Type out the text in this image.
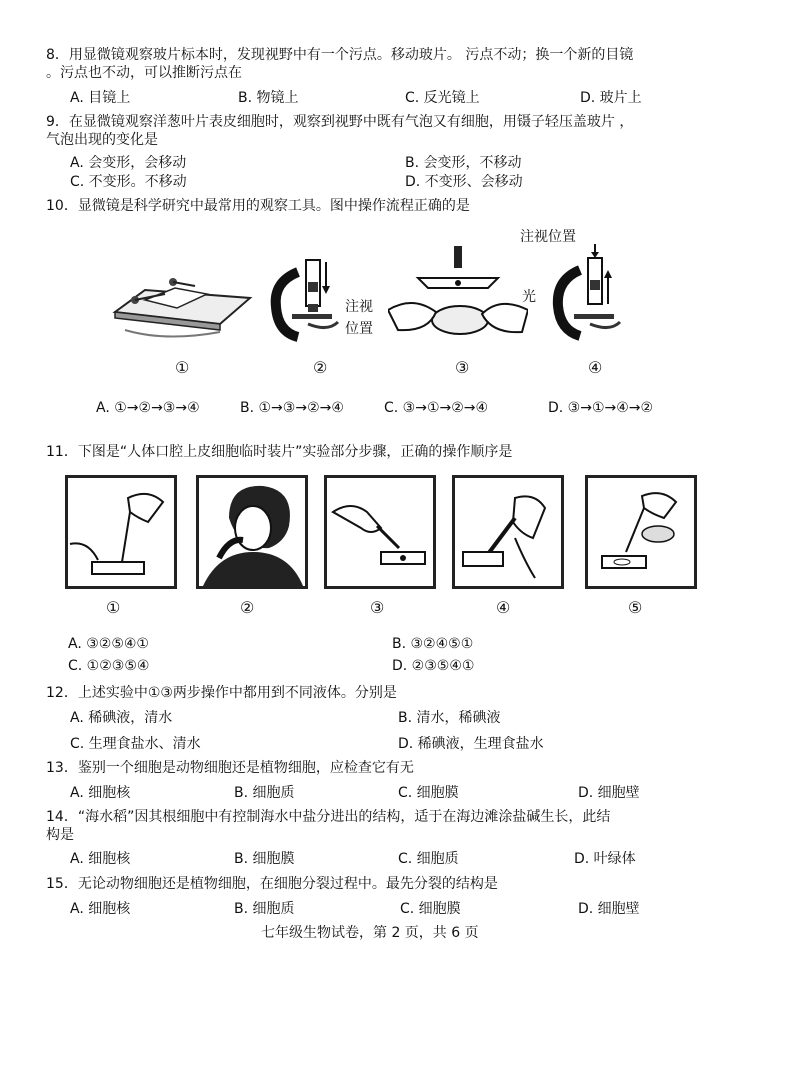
8．用显微镜观察玻片标本时，发现视野中有一个污点。移动玻片。 污点不动；换一个新的目镜
。污点也不动，可以推断污点在
A. 目镜上	B. 物镜上	C. 反光镜上	D. 玻片上
9．在显微镜观察洋葱叶片表皮细胞时，观察到视野中既有气泡又有细胞，用镊子轻压盖玻片 ，
气泡出现的变化是
A. 会变形，会移动	B. 会变形，不移动
C. 不变形。不移动	D. 不变形、会移动
10．显微镜是科学研究中最常用的观察工具。图中操作流程正确的是
①
注视
位置
②
光
③
注视位置
④
A. ①→②→③→④	B. ①→③→②→④	C. ③→①→②→④	D. ③→①→④→②
11．下图是“人体口腔上皮细胞临时装片”实验部分步骤，正确的操作顺序是
①	②	③	④	⑤
A. ③②⑤④①	B. ③②④⑤①
C. ①②③⑤④	D. ②③⑤④①
12．上述实验中①③两步操作中都用到不同液体。分别是
A. 稀碘液，清水	B. 清水，稀碘液
C. 生理食盐水、清水	D. 稀碘液，生理食盐水
13．鉴别一个细胞是动物细胞还是植物细胞，应检查它有无
A. 细胞核	B. 细胞质	C. 细胞膜	D. 细胞壁
14．“海水稻”因其根细胞中有控制海水中盐分进出的结构，适于在海边滩涂盐碱生长，此结
构是
A. 细胞核	B. 细胞膜	C. 细胞质	D. 叶绿体
15．无论动物细胞还是植物细胞，在细胞分裂过程中。最先分裂的结构是
A. 细胞核	B. 细胞质	C. 细胞膜	D. 细胞壁
七年级生物试卷，第 2 页，共 6 页
